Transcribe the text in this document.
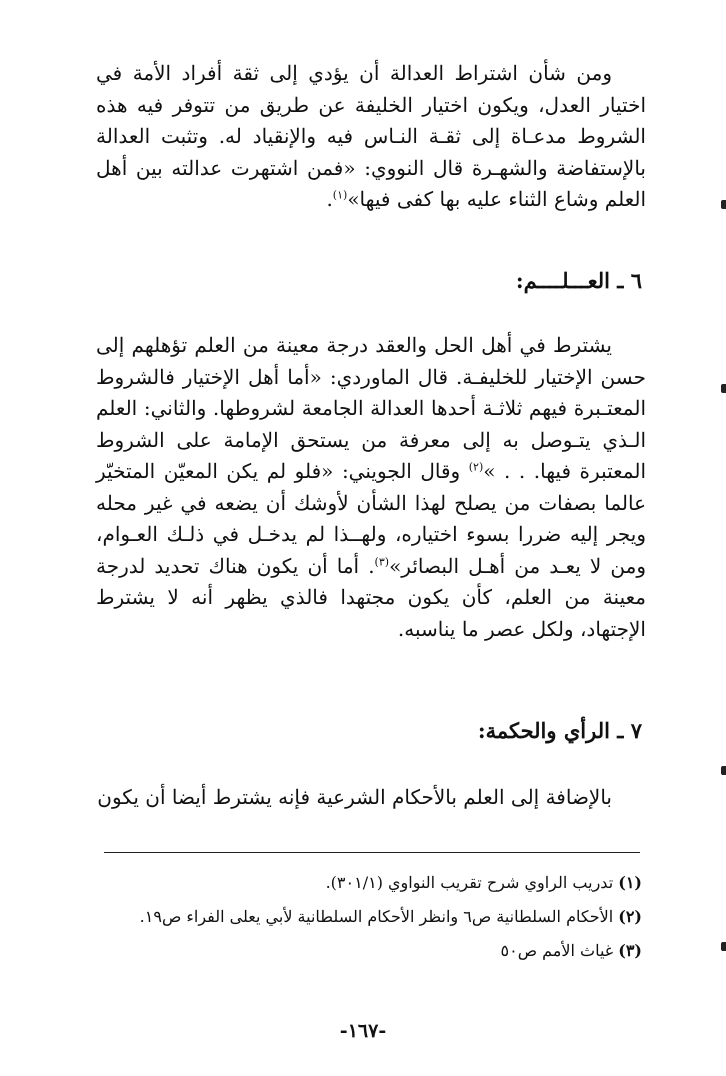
ومن شأن اشتراط العدالة أن يؤدي إلى ثقة أفراد الأمة في اختيار العدل، ويكون اختيار الخليفة عن طريق من تتوفر فيه هذه الشروط مدعـاة إلى ثقـة النـاس فيه والإنقياد له. وتثبت العدالة بالإستفاضة والشهـرة قال النووي: «فمن اشتهرت عدالته بين أهل العلم وشاع الثناء عليه بها كفى فيها»$^{(١)}$.

٦ ـ العـــلــــم:

يشترط في أهل الحل والعقد درجة معينة من العلم تؤهلهم إلى حسن الإختيار للخليفـة. قال الماوردي: «أما أهل الإختيار فالشروط المعتـبرة فيهم ثلاثـة أحدها العدالة الجامعة لشروطها. والثاني: العلم الـذي يتـوصل به إلى معرفة من يستحق الإمامة على الشروط المعتبرة فيها. . . »$^{(٢)}$ وقال الجويني: «فلو لم يكن المعيّن المتخيّر عالما بصفات من يصلح لهذا الشأن لأوشك أن يضعه في غير محله ويجر إليه ضررا بسوء اختياره، ولهــذا لم يدخـل في ذلـك العـوام، ومن لا يعـد من أهـل البصائر»$^{(٣)}$. أما أن يكون هناك تحديد لدرجة معينة من العلم، كأن يكون مجتهدا فالذي يظهر أنه لا يشترط الإجتهاد، ولكل عصر ما يناسبه.

٧ ـ الرأي والحكمة:

بالإضافة إلى العلم بالأحكام الشرعية فإنه يشترط أيضا أن يكون

(١) تدريب الراوي شرح تقريب النواوي (٣٠١/١).

(٢) الأحكام السلطانية ص٦ وانظر الأحكام السلطانية لأبي يعلى الفراء ص١٩.

(٣) غياث الأمم ص٥٠

-١٦٧-
